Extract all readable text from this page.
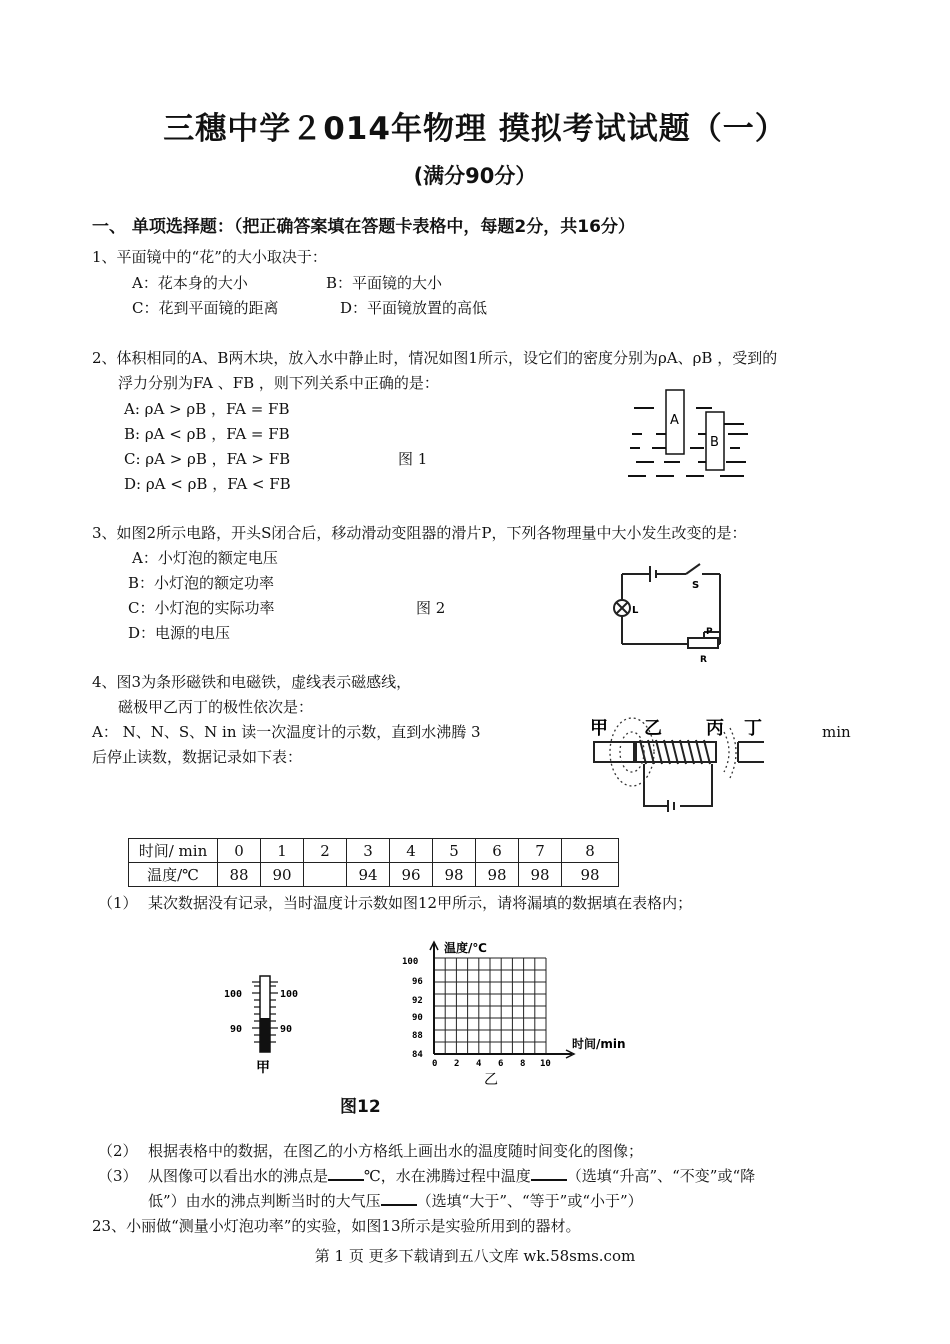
三穗中学２014年物理 摸拟考试试题（一）
(满分90分）
一、 单项选择题：（把正确答案填在答题卡表格中，每题2分，共16分）
1、平面镜中的“花”的大小取决于：
A：花本身的大小	B：平面镜的大小
C：花到平面镜的距离	D：平面镜放置的高低
2、体积相同的A、B两木块，放入水中静止时，情况如图1所示，设它们的密度分别为ρA、ρB ，受到的
浮力分别为FA 、FB ，则下列关系中正确的是：
A: ρA > ρB ，FA = FB
B: ρA < ρB ，FA = FB
C: ρA > ρB ，FA > FB
D: ρA < ρB ，FA < FB
图 1
A
B
3、如图2所示电路，开头S闭合后，移动滑动变阻器的滑片P，下列各物理量中大小发生改变的是：
A：小灯泡的额定电压
B：小灯泡的额定功率
C：小灯泡的实际功率
D：电源的电压
图 2
S
L
P
R
4、图3为条形磁铁和电磁铁，虚线表示磁感线，
磁极甲乙丙丁的极性依次是：
A： N、N、S、N in 读一次温度计的示数，直到水沸腾 3	min
后停止读数，数据记录如下表：
甲 乙 丙 丁
时间/ min	0	1	2	3	4	5	6	7	8
温度/℃	88	90		94	96	98	98	98	98
（1） 某次数据没有记录，当时温度计示数如图12甲所示，请将漏填的数据填在表格内；
100	100
90	90
甲
温度/℃
100
96
92
90
88
84
0 2 4 6 8 10
时间/min
乙
图12
（2） 根据表格中的数据，在图乙的小方格纸上画出水的温度随时间变化的图像；
（3） 从图像可以看出水的沸点是 ℃，水在沸腾过程中温度 （选填“升高”、“不变”或“降
低”）由水的沸点判断当时的大气压 （选填“大于”、“等于”或“小于”）
23、小丽做“测量小灯泡功率”的实验，如图13所示是实验所用到的器材。
第 1 页 更多下载请到五八文库 wk.58sms.com
